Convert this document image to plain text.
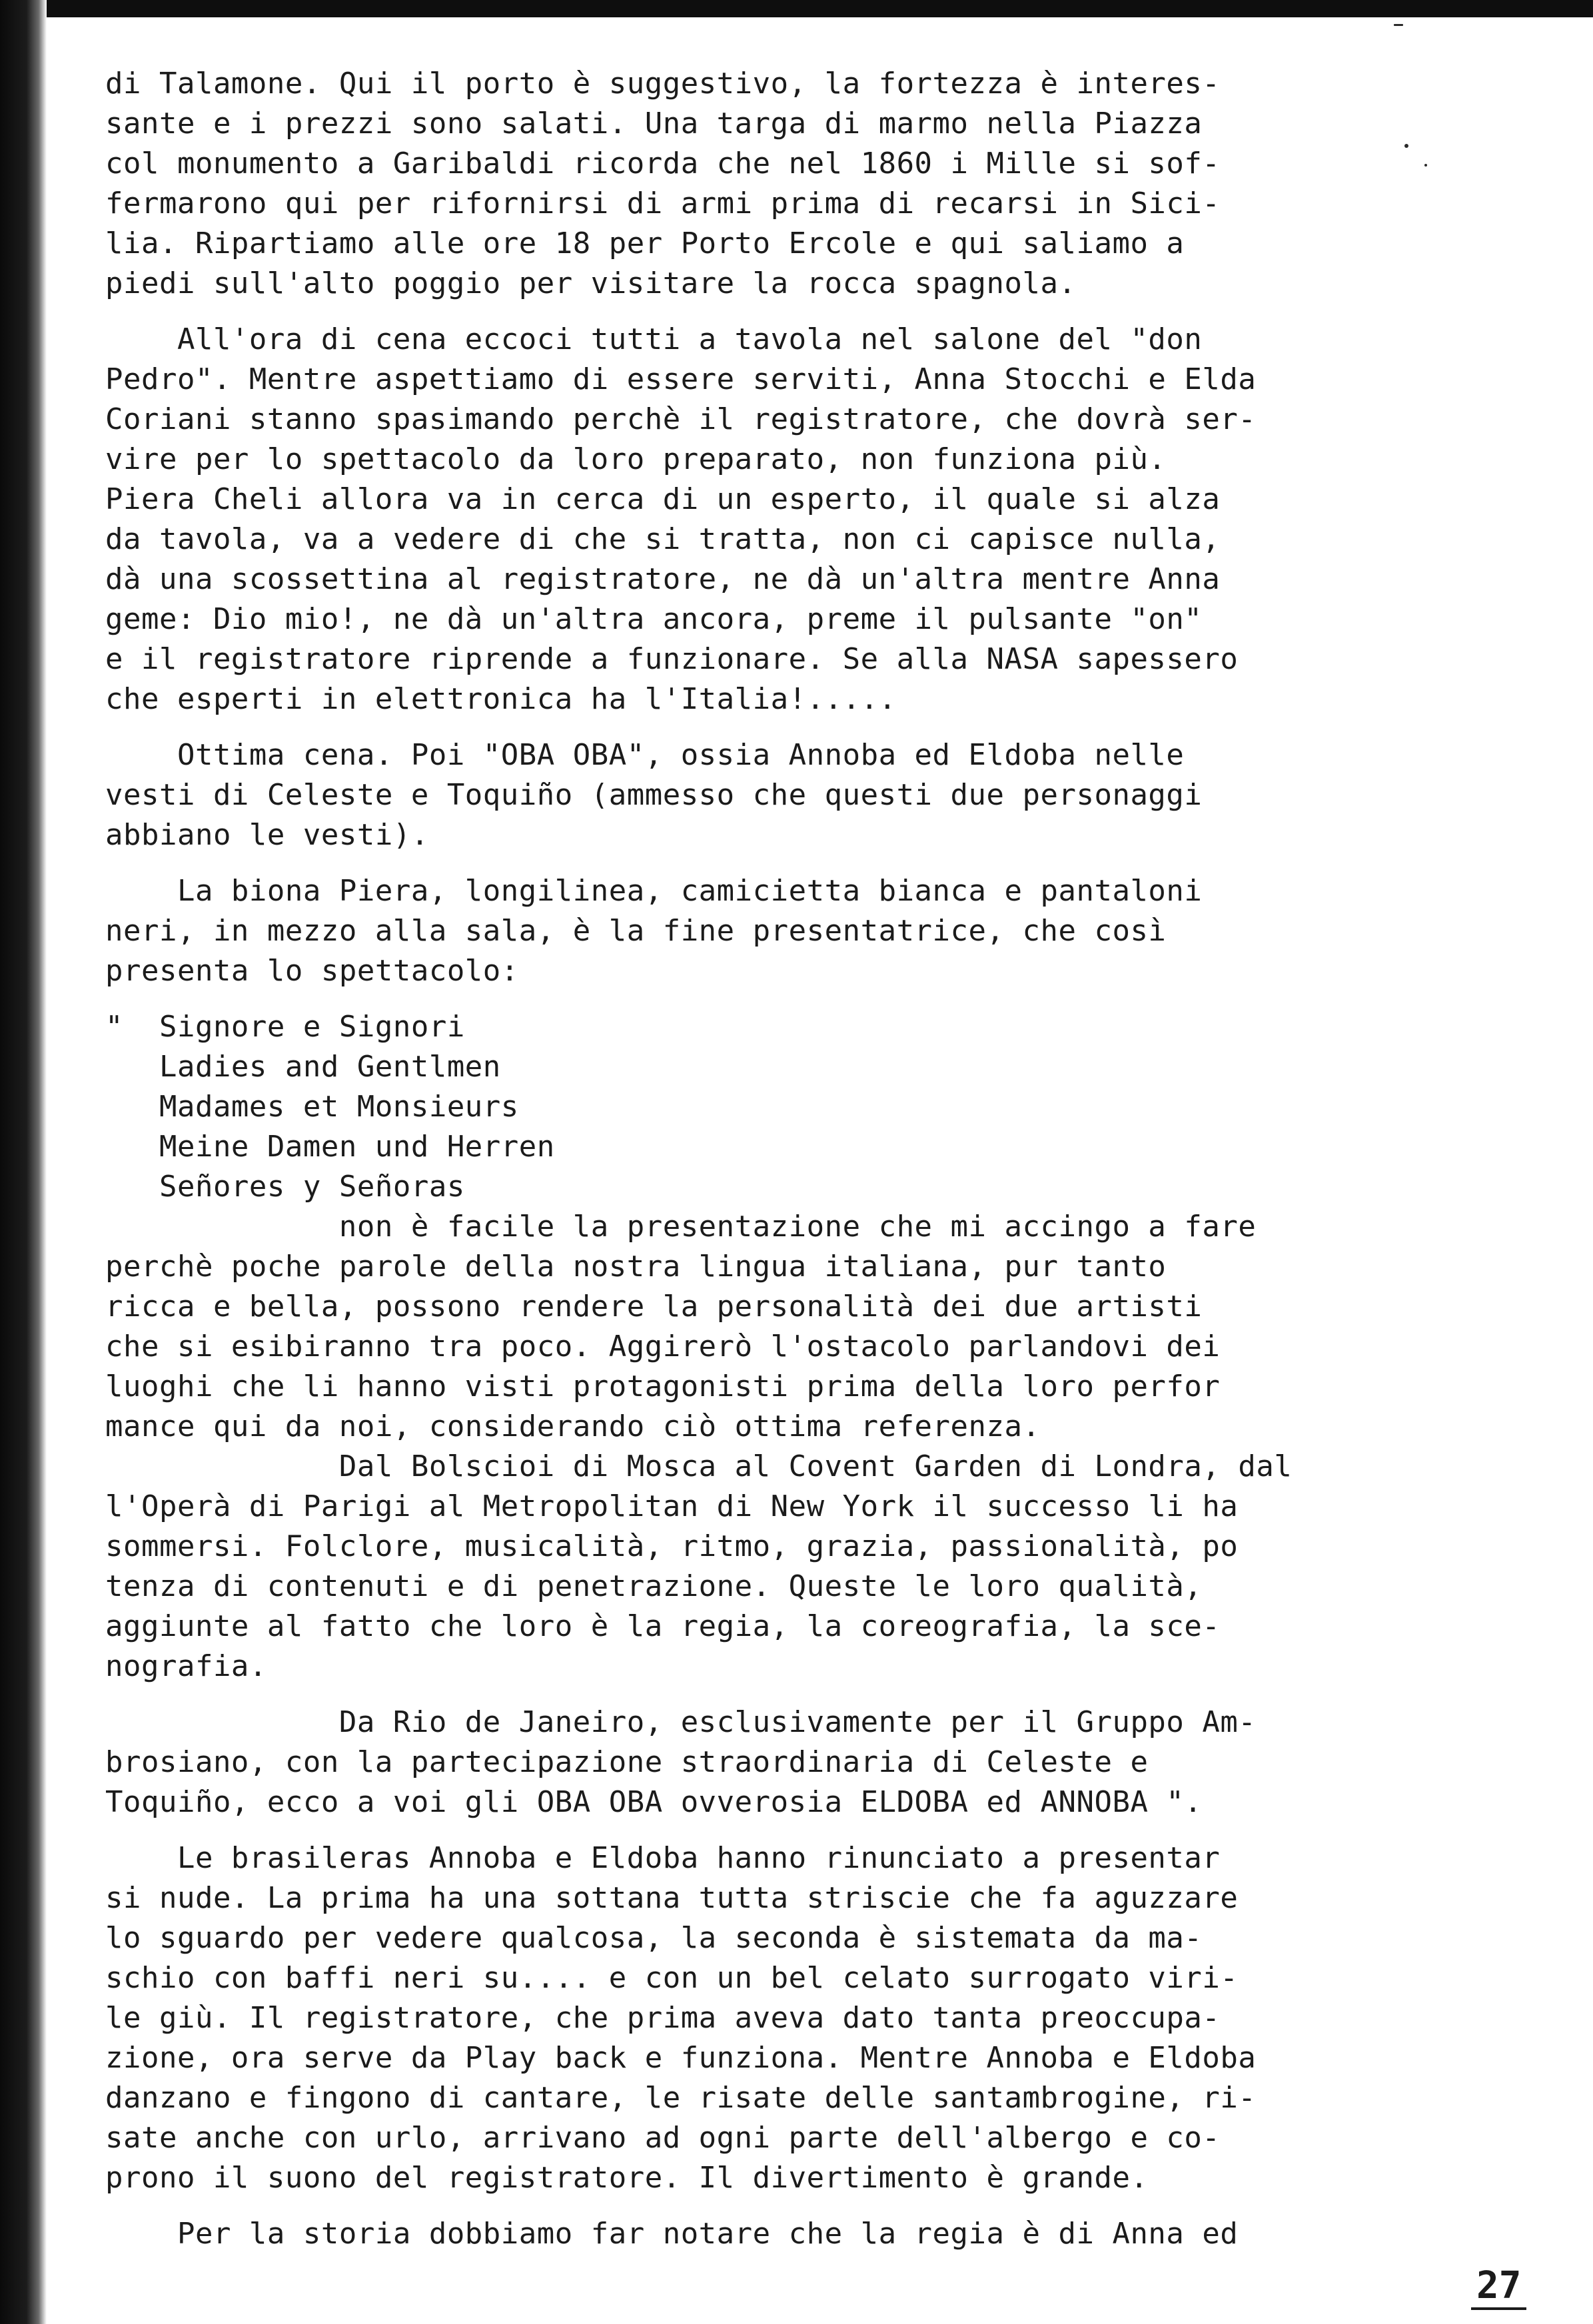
di Talamone. Qui il porto è suggestivo, la fortezza è interes-
sante e i prezzi sono salati. Una targa di marmo nella Piazza
col monumento a Garibaldi ricorda che nel 1860 i Mille si sof-
fermarono qui per rifornirsi di armi prima di recarsi in Sici-
lia. Ripartiamo alle ore 18 per Porto Ercole e qui saliamo a
piedi sull'alto poggio per visitare la rocca spagnola.
All'ora di cena eccoci tutti a tavola nel salone del "don
Pedro". Mentre aspettiamo di essere serviti, Anna Stocchi e Elda
Coriani stanno spasimando perchè il registratore, che dovrà ser-
vire per lo spettacolo da loro preparato, non funziona più.
Piera Cheli allora va in cerca di un esperto, il quale si alza
da tavola, va a vedere di che si tratta, non ci capisce nulla,
dà una scossettina al registratore, ne dà un'altra mentre Anna
geme: Dio mio!, ne dà un'altra ancora, preme il pulsante "on"
e il registratore riprende a funzionare. Se alla NASA sapessero
che esperti in elettronica ha l'Italia!.....
Ottima cena. Poi "OBA OBA", ossia Annoba ed Eldoba nelle
vesti di Celeste e Toquiño (ammesso che questi due personaggi
abbiano le vesti).
La biona Piera, longilinea, camicietta bianca e pantaloni
neri, in mezzo alla sala, è la fine presentatrice, che così
presenta lo spettacolo:
"  Signore e Signori
Ladies and Gentlmen
Madames et Monsieurs
Meine Damen und Herren
Señores y Señoras
non è facile la presentazione che mi accingo a fare
perchè poche parole della nostra lingua italiana, pur tanto
ricca e bella, possono rendere la personalità dei due artisti
che si esibiranno tra poco. Aggirerò l'ostacolo parlandovi dei
luoghi che li hanno visti protagonisti prima della loro perfor
mance qui da noi, considerando ciò ottima referenza.
Dal Bolscioi di Mosca al Covent Garden di Londra, dal
l'Operà di Parigi al Metropolitan di New York il successo li ha
sommersi. Folclore, musicalità, ritmo, grazia, passionalità, po
tenza di contenuti e di penetrazione. Queste le loro qualità,
aggiunte al fatto che loro è la regia, la coreografia, la sce-
nografia.
Da Rio de Janeiro, esclusivamente per il Gruppo Am-
brosiano, con la partecipazione straordinaria di Celeste e
Toquiño, ecco a voi gli OBA OBA ovverosia ELDOBA ed ANNOBA ".
Le brasileras Annoba e Eldoba hanno rinunciato a presentar
si nude. La prima ha una sottana tutta striscie che fa aguzzare
lo sguardo per vedere qualcosa, la seconda è sistemata da ma-
schio con baffi neri su.... e con un bel celato surrogato viri-
le giù. Il registratore, che prima aveva dato tanta preoccupa-
zione, ora serve da Play back e funziona. Mentre Annoba e Eldoba
danzano e fingono di cantare, le risate delle santambrogine, ri-
sate anche con urlo, arrivano ad ogni parte dell'albergo e co-
prono il suono del registratore. Il divertimento è grande.
Per la storia dobbiamo far notare che la regia è di Anna ed
27
